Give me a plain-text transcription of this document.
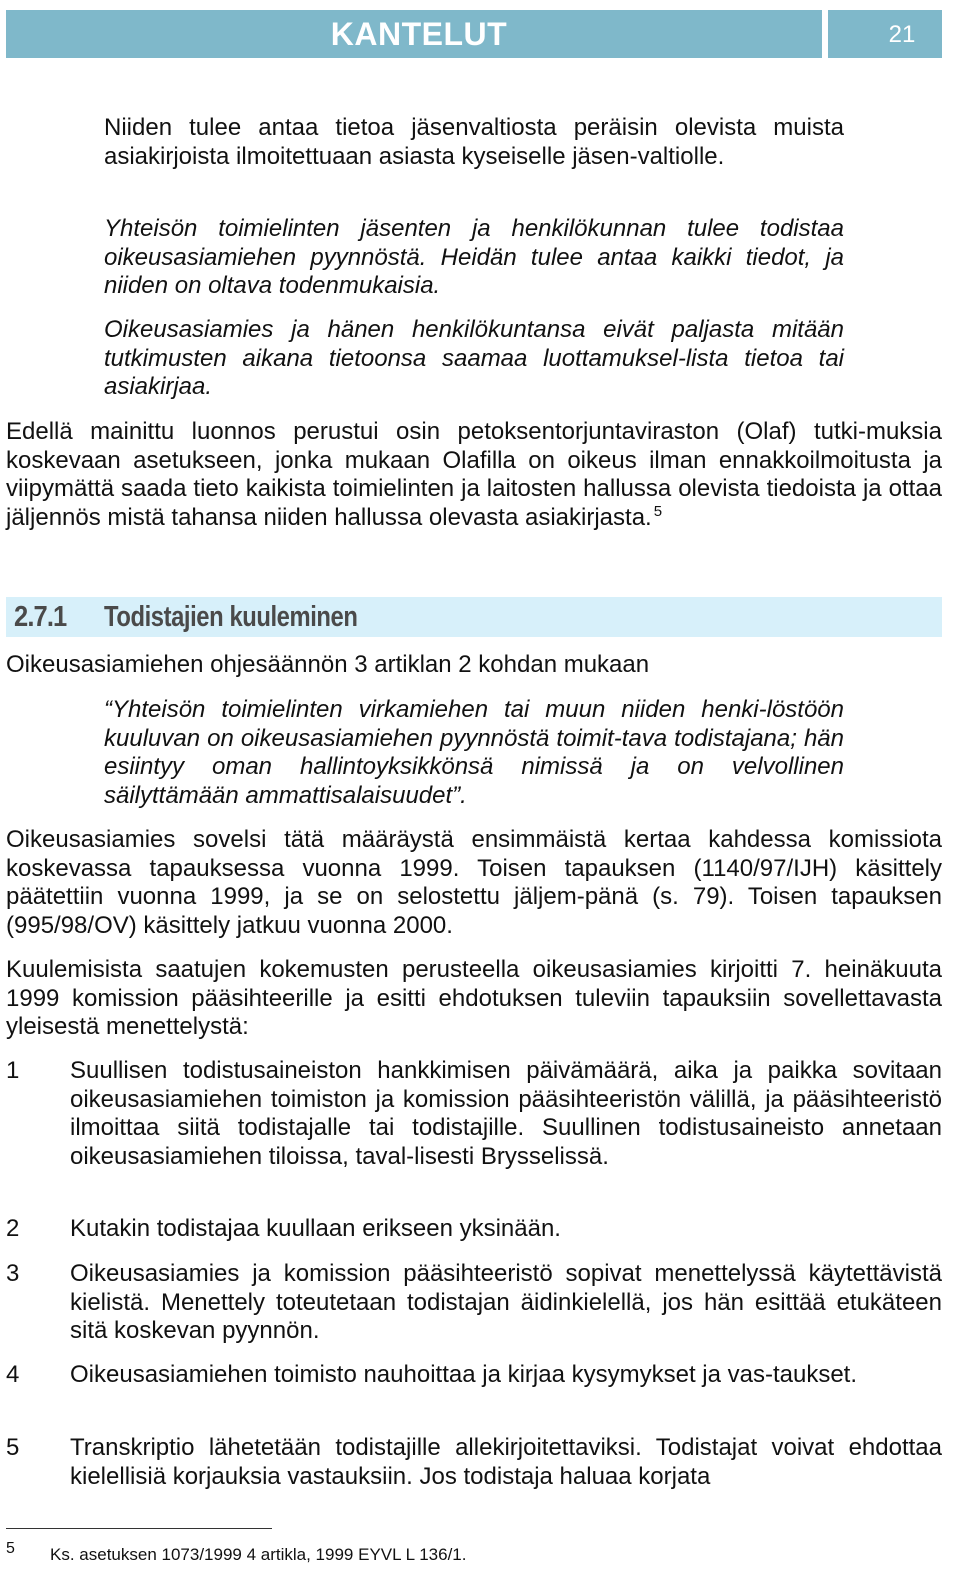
KANTELUT	21
Niiden tulee antaa tietoa jäsenvaltiosta peräisin olevista muista asiakirjoista ilmoitettuaan asiasta kyseiselle jäsen-valtiolle.
Yhteisön toimielinten jäsenten ja henkilökunnan tulee todistaa oikeusasiamiehen pyynnöstä. Heidän tulee antaa kaikki tiedot, ja niiden on oltava todenmukaisia.
Oikeusasiamies ja hänen henkilökuntansa eivät paljasta mitään tutkimusten aikana tietoonsa saamaa luottamuksel-lista tietoa tai asiakirjaa.
Edellä mainittu luonnos perustui osin petoksentorjuntaviraston (Olaf) tutki-muksia koskevaan asetukseen, jonka mukaan Olafilla on oikeus ilman ennakkoilmoitusta ja viipymättä saada tieto kaikista toimielinten ja laitosten hallussa olevista tiedoista ja ottaa jäljennös mistä tahansa niiden hallussa olevasta asiakirjasta. $^5$
2.7.1 Todistajien kuuleminen
Oikeusasiamiehen ohjesäännön 3 artiklan 2 kohdan mukaan
“Yhteisön toimielinten virkamiehen tai muun niiden henki-löstöön kuuluvan on oikeusasiamiehen pyynnöstä toimit-tava todistajana; hän esiintyy oman hallintoyksikkönsä nimissä ja on velvollinen säilyttämään ammattisalaisuudet”.
Oikeusasiamies sovelsi tätä määräystä ensimmäistä kertaa kahdessa komissiota koskevassa tapauksessa vuonna 1999. Toisen tapauksen (1140/97/IJH) käsittely päätettiin vuonna 1999, ja se on selostettu jäljem-pänä (s. 79). Toisen tapauksen (995/98/OV) käsittely jatkuu vuonna 2000.
Kuulemisista saatujen kokemusten perusteella oikeusasiamies kirjoitti 7. heinäkuuta 1999 komission pääsihteerille ja esitti ehdotuksen tuleviin tapauksiin sovellettavasta yleisestä menettelystä:
1 Suullisen todistusaineiston hankkimisen päivämäärä, aika ja paikka sovitaan oikeusasiamiehen toimiston ja komission pääsihteeristön välillä, ja pääsihteeristö ilmoittaa siitä todistajalle tai todistajille. Suullinen todistusaineisto annetaan oikeusasiamiehen tiloissa, taval-lisesti Brysselissä.
2 Kutakin todistajaa kuullaan erikseen yksinään.
3 Oikeusasiamies ja komission pääsihteeristö sopivat menettelyssä käytettävistä kielistä. Menettely toteutetaan todistajan äidinkielellä, jos hän esittää etukäteen sitä koskevan pyynnön.
4 Oikeusasiamiehen toimisto nauhoittaa ja kirjaa kysymykset ja vas-taukset.
5 Transkriptio lähetetään todistajille allekirjoitettaviksi. Todistajat voivat ehdottaa kielellisiä korjauksia vastauksiin. Jos todistaja haluaa korjata
5 Ks. asetuksen 1073/1999 4 artikla, 1999 EYVL L 136/1.
